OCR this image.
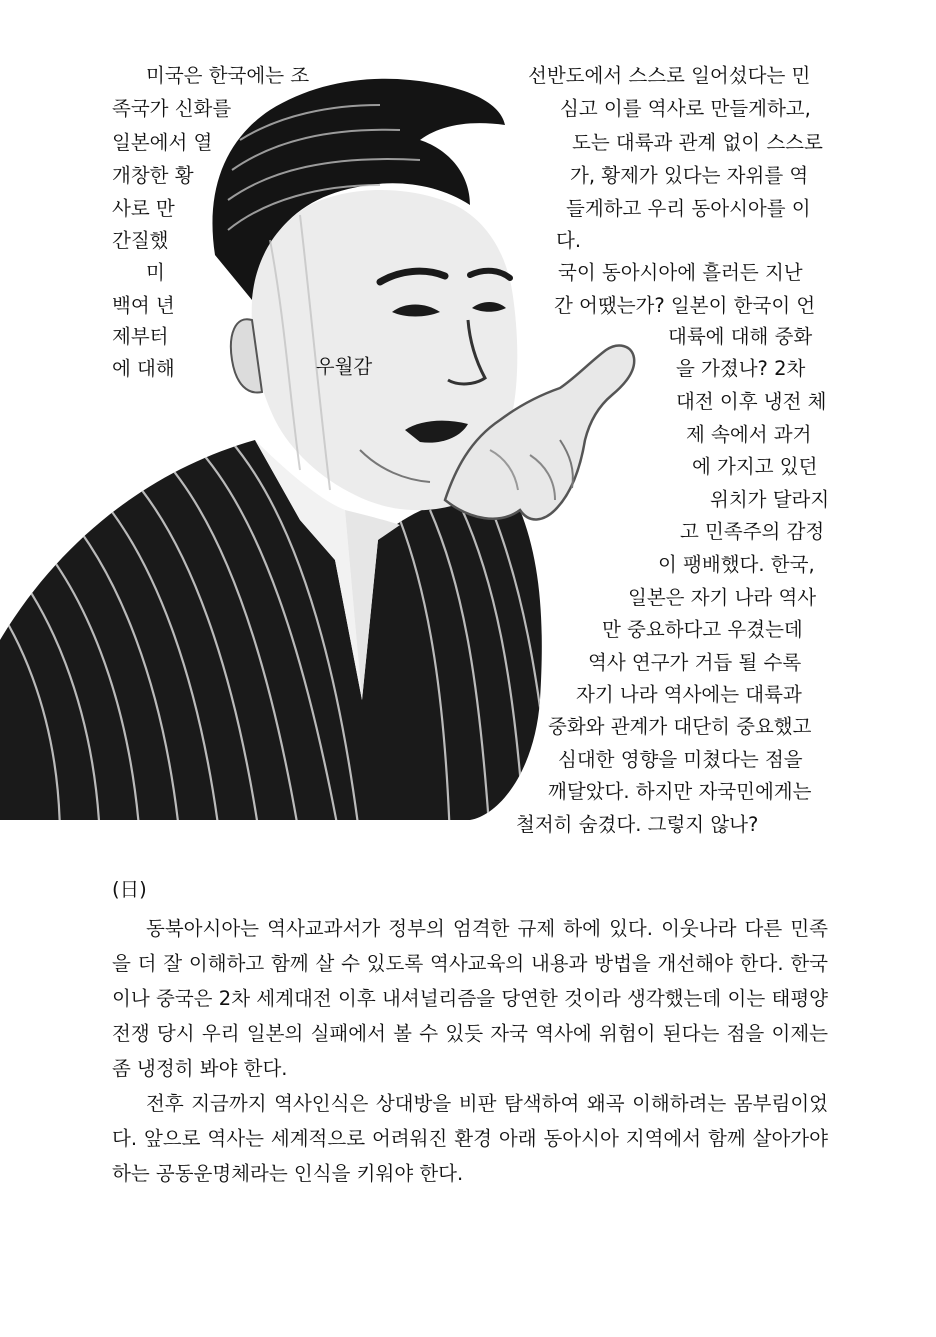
우월감
미국은 한국에는 조
족국가 신화를
일본에서 열
개창한 황
사로 만
간질했
미
백여 년
제부터
에 대해
선반도에서 스스로 일어섰다는 민
심고 이를 역사로 만들게하고,
도는 대륙과 관계 없이 스스로
가, 황제가 있다는 자위를 역
들게하고 우리 동아시아를 이
다.
국이 동아시아에 흘러든 지난
간 어땠는가? 일본이 한국이 언
대륙에 대해 중화
을 가졌나? 2차
대전 이후 냉전 체
제 속에서 과거
에 가지고 있던
위치가 달라지
고 민족주의 감정
이 팽배했다. 한국,
일본은 자기 나라 역사
만 중요하다고 우겼는데
역사 연구가 거듭 될 수록
자기 나라 역사에는 대륙과
중화와 관계가 대단히 중요했고
심대한 영향을 미쳤다는 점을
깨달았다. 하지만 자국민에게는
철저히 숨겼다. 그렇지 않나?
(日)

동북아시아는 역사교과서가 정부의 엄격한 규제 하에 있다. 이웃나라 다른 민족을 더 잘 이해하고 함께 살 수 있도록 역사교육의 내용과 방법을 개선해야 한다. 한국이나 중국은 2차 세계대전 이후 내셔널리즘을 당연한 것이라 생각했는데 이는 태평양전쟁 당시 우리 일본의 실패에서 볼 수 있듯 자국 역사에 위험이 된다는 점을 이제는 좀 냉정히 봐야 한다.

전후 지금까지 역사인식은 상대방을 비판 탐색하여 왜곡 이해하려는 몸부림이었다. 앞으로 역사는 세계적으로 어려워진 환경 아래 동아시아 지역에서 함께 살아가야 하는 공동운명체라는 인식을 키워야 한다.
